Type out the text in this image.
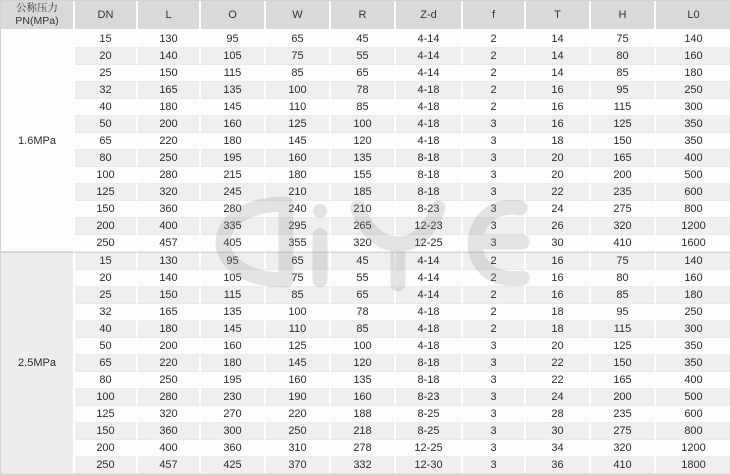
公称压力
PN(MPa)	DN	L	O	W	R	Z-d	f	T	H	L0
1.6MPa	15	130	95	65	45	4-14	2	14	75	140
	20	140	105	75	55	4-14	2	14	80	160
	25	150	115	85	65	4-14	2	14	85	180
	32	165	135	100	78	4-18	2	16	95	250
	40	180	145	110	85	4-18	2	16	115	300
	50	200	160	125	100	4-18	3	16	125	350
	65	220	180	145	120	4-18	3	18	150	350
	80	250	195	160	135	8-18	3	20	165	400
	100	280	215	180	155	8-18	3	20	200	500
	125	320	245	210	185	8-18	3	22	235	600
	150	360	280	240	210	8-23	3	24	275	800
	200	400	335	295	265	12-23	3	26	320	1200
	250	457	405	355	320	12-25	3	30	410	1600
2.5MPa	15	130	95	65	45	4-14	2	16	75	140
	20	140	105	75	55	4-14	2	16	80	160
	25	150	115	85	65	4-14	2	16	85	180
	32	165	135	100	78	4-18	2	18	95	250
	40	180	145	110	85	4-18	2	18	115	300
	50	200	160	125	100	4-18	3	20	125	350
	65	220	180	145	120	8-18	3	22	150	350
	80	250	195	160	135	8-18	3	22	165	400
	100	280	230	190	160	8-23	3	24	200	500
	125	320	270	220	188	8-25	3	28	235	600
	150	360	300	250	218	8-25	3	30	275	800
	200	400	360	310	278	12-25	3	34	320	1200
	250	457	425	370	332	12-30	3	36	410	1800
